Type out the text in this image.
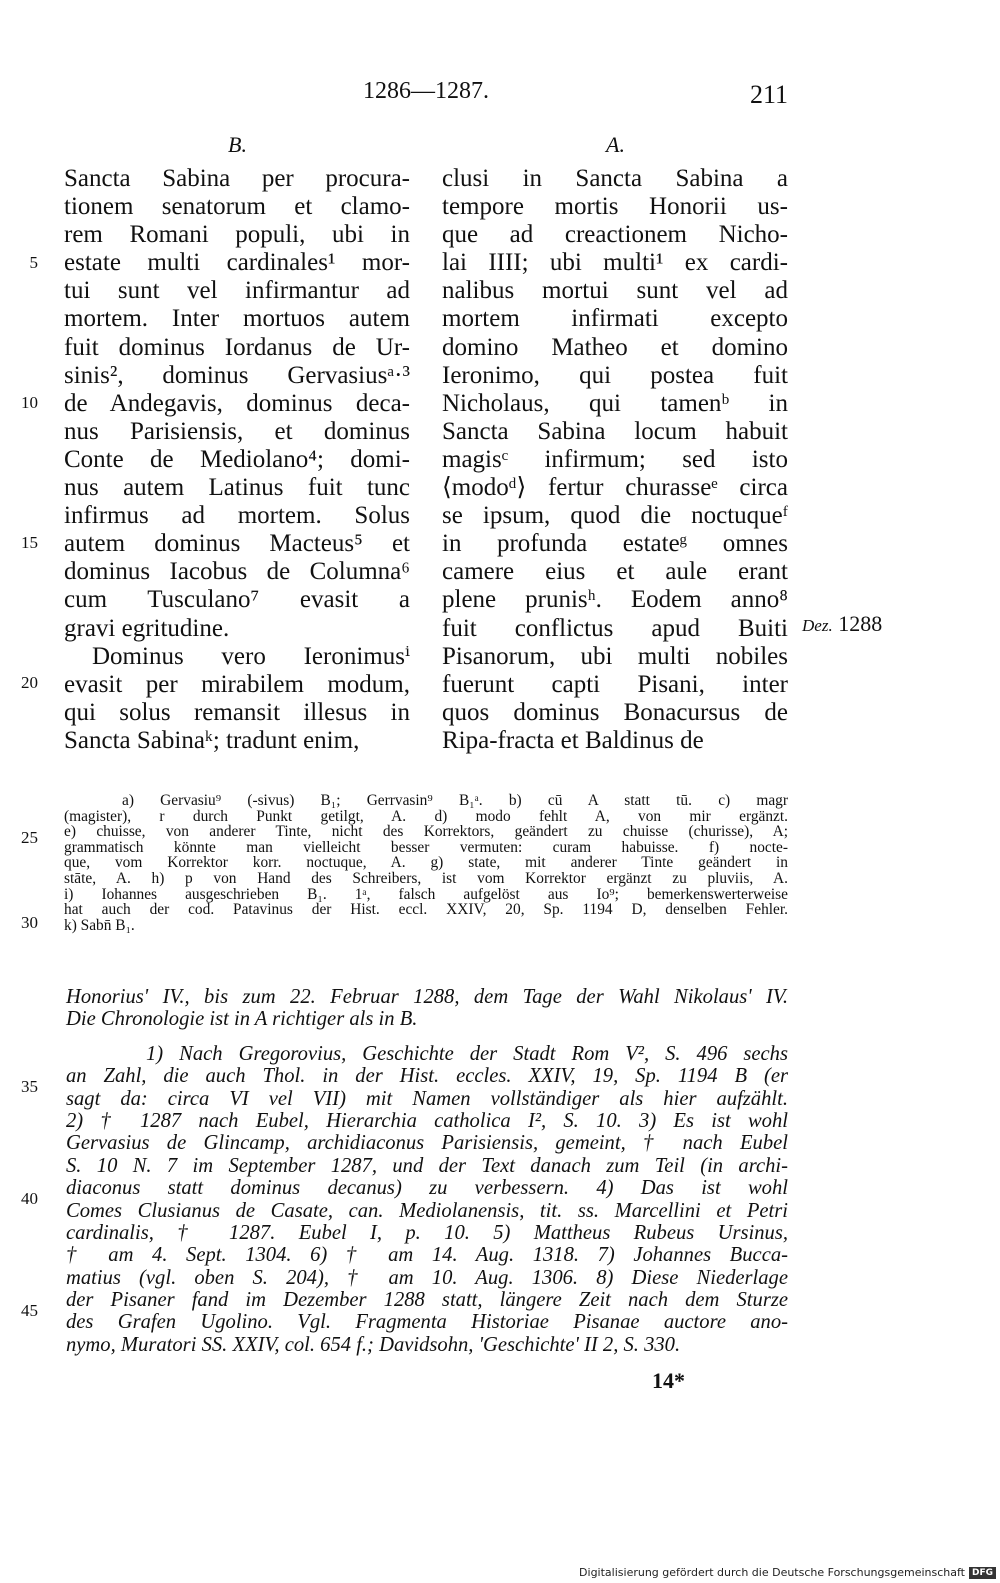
1286—1287.	211
B.	A.
Sancta Sabina per procura-
tionem senatorum et clamo-
rem Romani populi, ubi in
estate multi cardinales¹ mor-
tui sunt vel infirmantur ad
mortem. Inter mortuos autem
fuit dominus Iordanus de Ur-
sinis², dominus Gervasiusᵃ·³
de Andegavis, dominus deca-
nus Parisiensis, et dominus
Conte de Mediolano⁴; domi-
nus autem Latinus fuit tunc
infirmus ad mortem. Solus
autem dominus Macteus⁵ et
dominus Iacobus de Columna⁶
cum Tusculano⁷ evasit a
gravi egritudine.
Dominus vero Ieronimusⁱ
evasit per mirabilem modum,
qui solus remansit illesus in
Sancta Sabinaᵏ; tradunt enim,
clusi in Sancta Sabina a
tempore mortis Honorii us-
que ad creactionem Nicho-
lai IIII; ubi multi¹ ex cardi-
nalibus mortui sunt vel ad
mortem infirmati excepto
domino Matheo et domino
Ieronimo, qui postea fuit
Nicholaus, qui tamenᵇ in
Sancta Sabina locum habuit
magisᶜ infirmum; sed isto
⟨modoᵈ⟩ fertur churasseᵉ circa
se ipsum, quod die noctuqueᶠ
in profunda estateᵍ omnes
camere eius et aule erant
plene prunisʰ. Eodem anno⁸
fuit conflictus apud Buiti
Pisanorum, ubi multi nobiles
fuerunt capti Pisani, inter
quos dominus Bonacursus de
Ripa-fracta et Baldinus de
5
10
15
20
Dez. 1288
a) Gervasiu⁹ (-sivus) B₁; Gerrvasin⁹ B₁ᵃ. b) cū A statt tū. c) magr
(magister), r durch Punkt getilgt, A. d) modo fehlt A, von mir ergänzt.
e) chuisse, von anderer Tinte, nicht des Korrektors, geändert zu chuisse (churisse), A;
grammatisch könnte man vielleicht besser vermuten: curam habuisse. f) nocte-
que, vom Korrektor korr. noctuque, A. g) state, mit anderer Tinte geändert in
stāte, A. h) p von Hand des Schreibers, ist vom Korrektor ergänzt zu pluviis, A.
i) Iohannes ausgeschrieben B₁. 1ᵃ, falsch aufgelöst aus Io⁹; bemerkenswerterweise
hat auch der cod. Patavinus der Hist. eccl. XXIV, 20, Sp. 1194 D, denselben Fehler.
k) Sabn̄ B₁.
25
30
Honorius' IV., bis zum 22. Februar 1288, dem Tage der Wahl Nikolaus' IV.
Die Chronologie ist in A richtiger als in B.
1) Nach Gregorovius, Geschichte der Stadt Rom V², S. 496 sechs
an Zahl, die auch Thol. in der Hist. eccles. XXIV, 19, Sp. 1194 B (er
sagt da: circa VI vel VII) mit Namen vollständiger als hier aufzählt.
2) † 1287 nach Eubel, Hierarchia catholica I², S. 10. 3) Es ist wohl
Gervasius de Glincamp, archidiaconus Parisiensis, gemeint, † nach Eubel
S. 10 N. 7 im September 1287, und der Text danach zum Teil (in archi-
diaconus statt dominus decanus) zu verbessern. 4) Das ist wohl
Comes Clusianus de Casate, can. Mediolanensis, tit. ss. Marcellini et Petri
cardinalis, † 1287. Eubel I, p. 10. 5) Mattheus Rubeus Ursinus,
† am 4. Sept. 1304. 6) † am 14. Aug. 1318. 7) Johannes Bucca-
matius (vgl. oben S. 204), † am 10. Aug. 1306. 8) Diese Niederlage
der Pisaner fand im Dezember 1288 statt, längere Zeit nach dem Sturze
des Grafen Ugolino. Vgl. Fragmenta Historiae Pisanae auctore ano-
nymo, Muratori SS. XXIV, col. 654 f.; Davidsohn, 'Geschichte' II 2, S. 330.
35
40
45
14*
Digitalisierung gefördert durch die Deutsche Forschungsgemeinschaft DFG
